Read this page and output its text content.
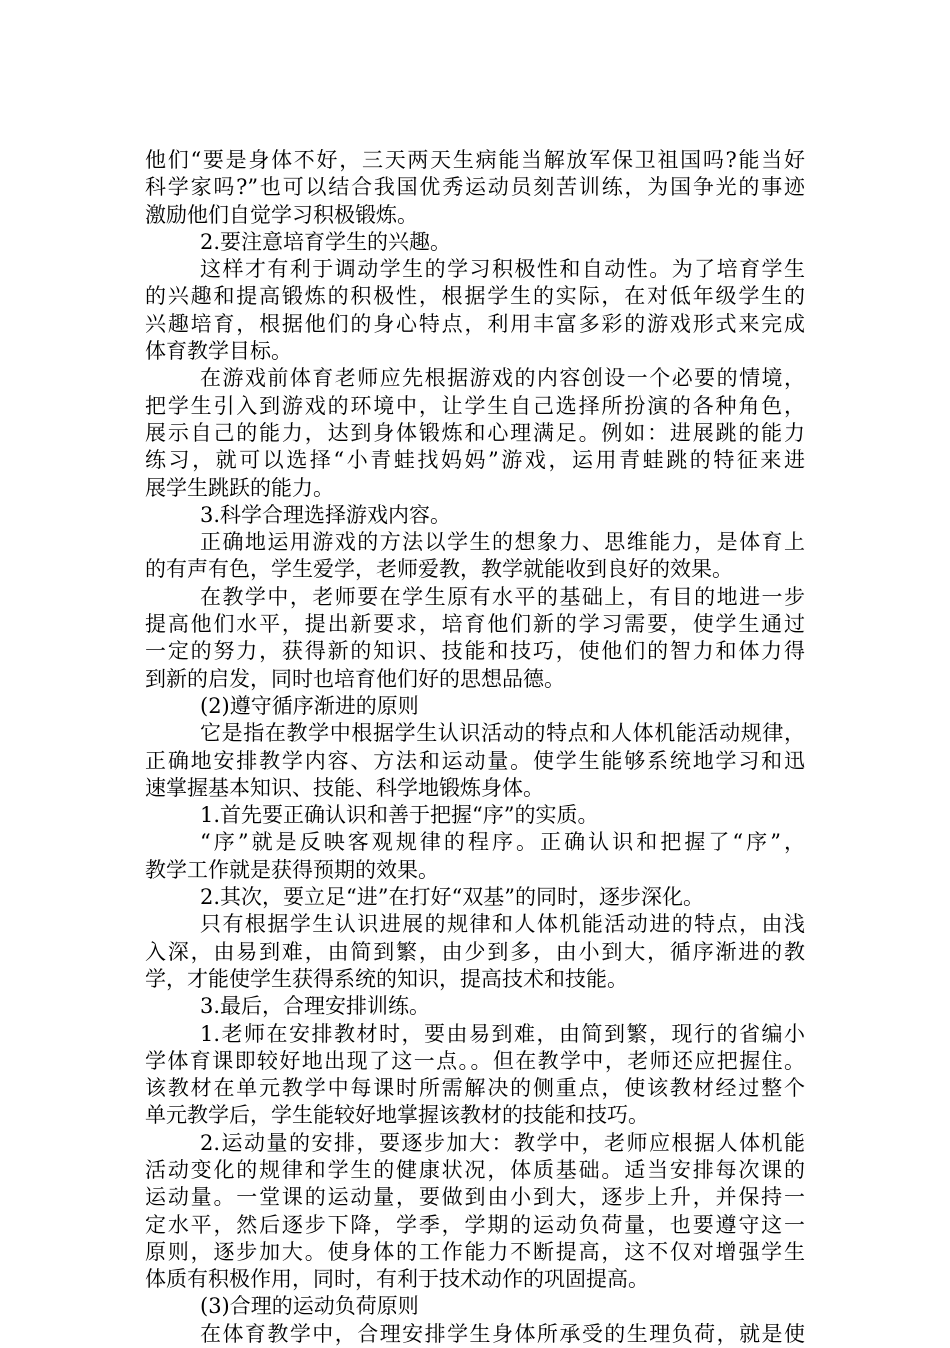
他们“要是身体不好，三天两天生病能当解放军保卫祖国吗?能当好
科学家吗?”也可以结合我国优秀运动员刻苦训练，为国争光的事迹
激励他们自觉学习积极锻炼。
2.要注意培育学生的兴趣。
这样才有利于调动学生的学习积极性和自动性。为了培育学生
的兴趣和提高锻炼的积极性，根据学生的实际，在对低年级学生的
兴趣培育，根据他们的身心特点，利用丰富多彩的游戏形式来完成
体育教学目标。
在游戏前体育老师应先根据游戏的内容创设一个必要的情境，
把学生引入到游戏的环境中，让学生自己选择所扮演的各种角色，
展示自己的能力，达到身体锻炼和心理满足。例如：进展跳的能力
练习，就可以选择“小青蛙找妈妈”游戏，运用青蛙跳的特征来进
展学生跳跃的能力。
3.科学合理选择游戏内容。
正确地运用游戏的方法以学生的想象力、思维能力，是体育上
的有声有色，学生爱学，老师爱教，教学就能收到良好的效果。
在教学中，老师要在学生原有水平的基础上，有目的地进一步
提高他们水平，提出新要求，培育他们新的学习需要，使学生通过
一定的努力，获得新的知识、技能和技巧，使他们的智力和体力得
到新的启发，同时也培育他们好的思想品德。
(2)遵守循序渐进的原则
它是指在教学中根据学生认识活动的特点和人体机能活动规律，
正确地安排教学内容、方法和运动量。使学生能够系统地学习和迅
速掌握基本知识、技能、科学地锻炼身体。
1.首先要正确认识和善于把握“序”的实质。
“序”就是反映客观规律的程序。正确认识和把握了“序”，
教学工作就是获得预期的效果。
2.其次，要立足“进”在打好“双基”的同时，逐步深化。
只有根据学生认识进展的规律和人体机能活动进的特点，由浅
入深，由易到难，由简到繁，由少到多，由小到大，循序渐进的教
学，才能使学生获得系统的知识，提高技术和技能。
3.最后，合理安排训练。
1.老师在安排教材时，要由易到难，由简到繁，现行的省编小
学体育课即较好地出现了这一点。。但在教学中，老师还应把握住。
该教材在单元教学中每课时所需解决的侧重点，使该教材经过整个
单元教学后，学生能较好地掌握该教材的技能和技巧。
2.运动量的安排，要逐步加大：教学中，老师应根据人体机能
活动变化的规律和学生的健康状况，体质基础。适当安排每次课的
运动量。一堂课的运动量，要做到由小到大，逐步上升，并保持一
定水平，然后逐步下降，学季，学期的运动负荷量，也要遵守这一
原则，逐步加大。使身体的工作能力不断提高，这不仅对增强学生
体质有积极作用，同时，有利于技术动作的巩固提高。
(3)合理的运动负荷原则
在体育教学中，合理安排学生身体所承受的生理负荷，就是使
